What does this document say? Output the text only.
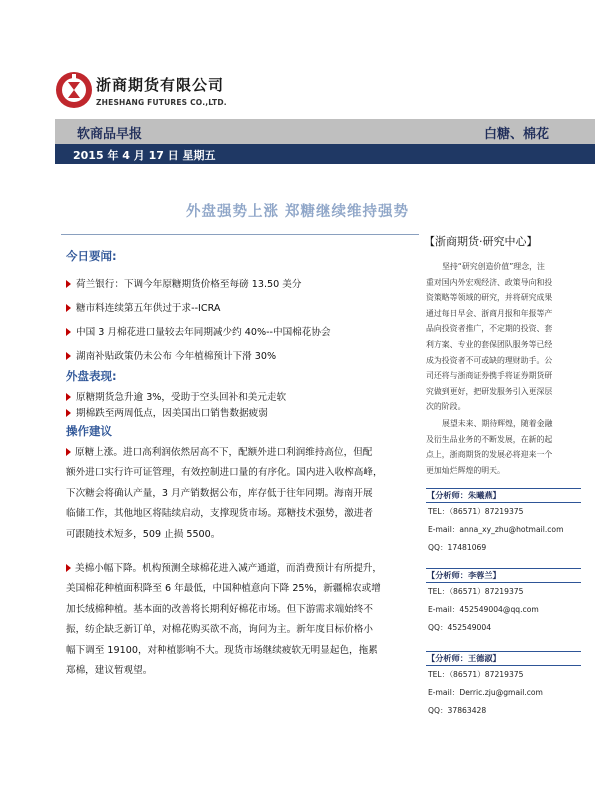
浙商期货有限公司
ZHESHANG FUTURES CO.,LTD.
软商品早报	白糖、棉花
2015 年 4 月 17 日 星期五
外盘强势上涨 郑糖继续维持强势
今日要闻:
荷兰银行：下调今年原糖期货价格至每磅 13.50 美分
糖市料连续第五年供过于求--ICRA
中国 3 月棉花进口量较去年同期减少约 40%--中国棉花协会
湖南补贴政策仍未公布 今年植棉预计下滑 30%
外盘表现:
原糖期货急升逾 3%，受助于空头回补和美元走软
期棉跌至两周低点，因美国出口销售数据疲弱
操作建议
原糖上涨。进口高利润依然居高不下，配额外进口利润维持高位，但配
额外进口实行许可证管理，有效控制进口量的有序化。国内进入收榨高峰，
下次糖会将确认产量，3 月产销数据公布，库存低于往年同期。海南开展
临储工作，其他地区将陆续启动，支撑现货市场。郑糖技术强势，激进者
可跟随技术短多，509 止损 5500。
美棉小幅下降。机构预测全球棉花进入减产通道，而消费预计有所提升，
美国棉花种植面积降至 6 年最低，中国种植意向下降 25%，新疆棉农或增
加长绒棉种植。基本面的改善将长期利好棉花市场。但下游需求端始终不
振，纺企缺乏新订单，对棉花购买欲不高，询问为主。新年度目标价格小
幅下调至 19100，对种植影响不大。现货市场继续疲软无明显起色，拖累
郑棉，建议暂观望。
【浙商期货·研究中心】

坚持“研究创造价值”理念，注
重对国内外宏观经济、政策导向和投
资策略等领域的研究，并将研究成果
通过每日早会、浙商月报和年报等产
品向投资者推广，不定期的投资、套
利方案、专业的套保团队服务等已经
成为投资者不可或缺的理财助手。公
司还将与浙商证券携手将证券期货研
究做到更好，把研发服务引入更深层
次的阶段。

展望未来、期待辉煌，随着金融
及衍生品业务的不断发展，在新的起
点上，浙商期货的发展必将迎来一个
更加灿烂辉煌的明天。

【分析师：朱曦燕】
TEL：（86571）87219375
E-mail：anna_xy_zhu@hotmail.com
QQ：17481069
【分析师：李蓉兰】
TEL：（86571）87219375
E-mail：452549004@qq.com
QQ：452549004
【分析师：王德淑】
TEL：（86571）87219375
E-mail：Derric.zju@gmail.com
QQ：37863428
